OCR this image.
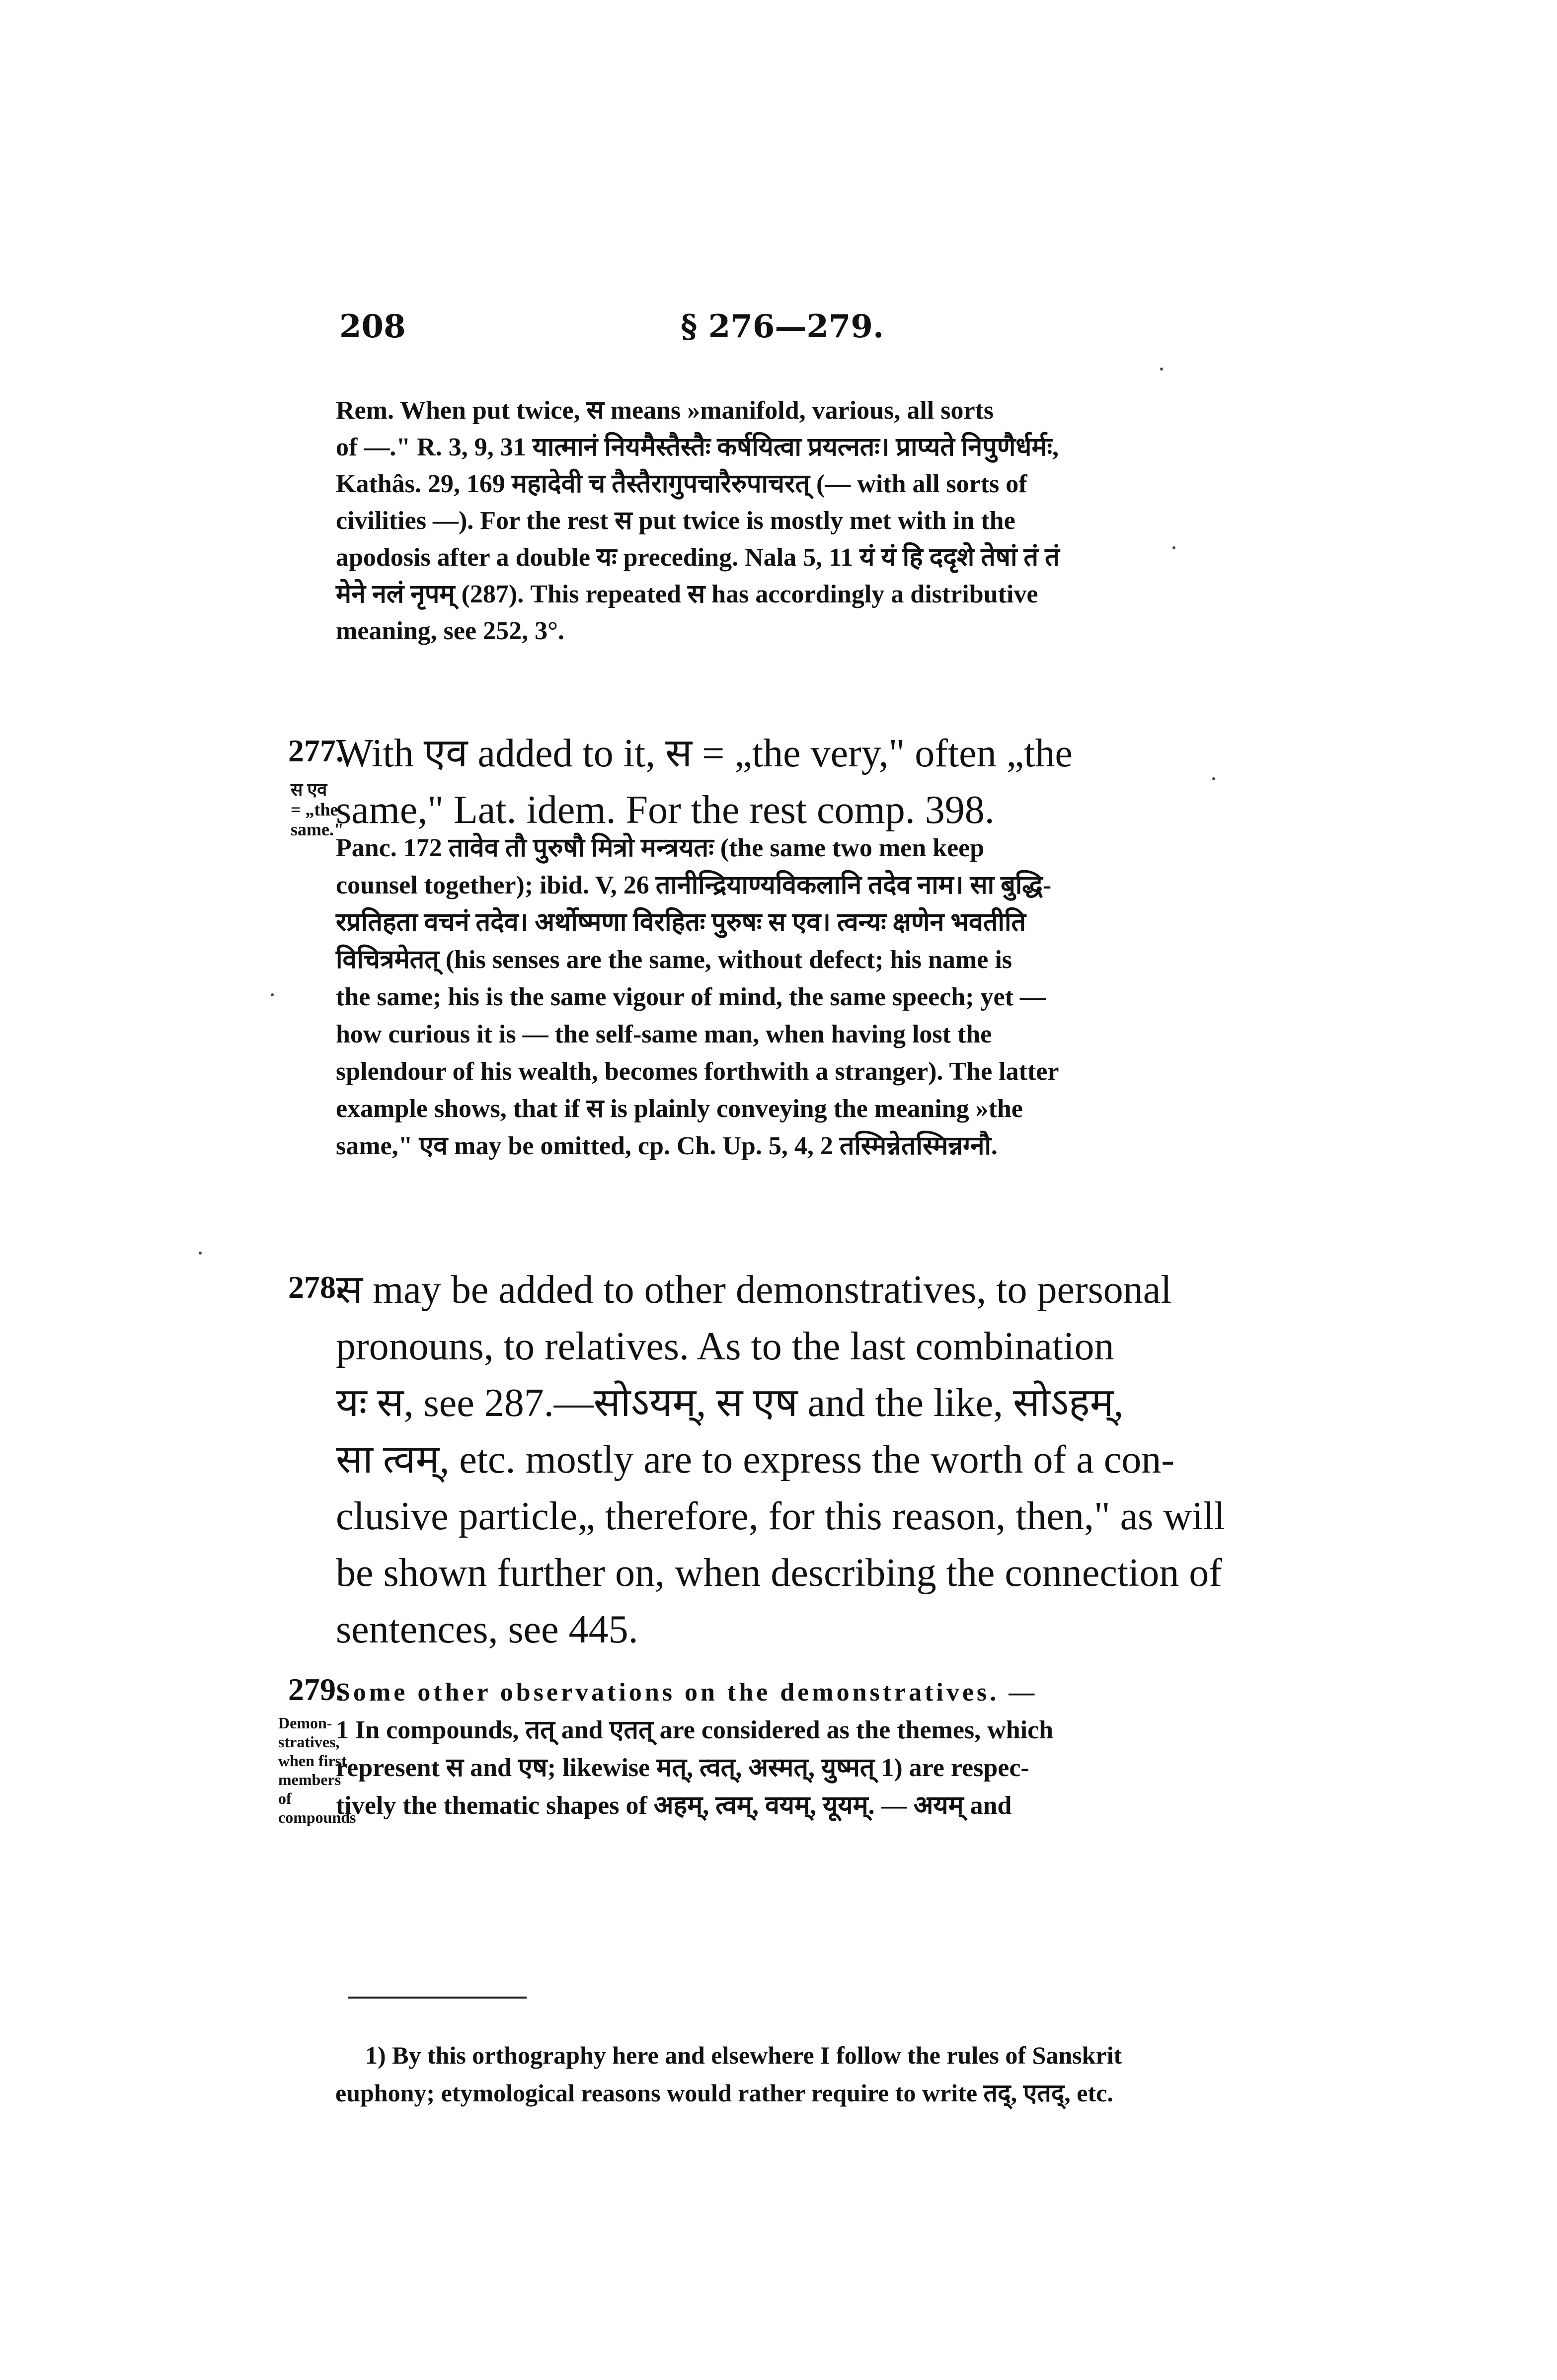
208	§ 276—279.
Rem. When put twice, स means »manifold, various, all sorts
of —." R. 3, 9, 31 यात्मानं नियमैस्तैस्तैः कर्षयित्वा प्रयत्नतः। प्राप्यते निपुणैर्धर्मः,
Kathâs. 29, 169 महादेवी च तैस्तैरागुपचारैरुपाचरत् (— with all sorts of
civilities —). For the rest स put twice is mostly met with in the
apodosis after a double यः preceding. Nala 5, 11 यं यं हि ददृशे तेषां तं तं
मेने नलं नृपम् (287). This repeated स has accordingly a distributive
meaning, see 252, 3°.
277.
स एव
= „the
same."
With एव added to it, स = „the very," often „the
same," Lat. idem. For the rest comp. 398.
Panc. 172 तावेव तौ पुरुषौ मित्रो मन्त्रयतः (the same two men keep
counsel together); ibid. V, 26 तानीन्द्रियाण्यविकलानि तदेव नाम। सा बुद्धि-
रप्रतिहता वचनं तदेव। अर्थोष्मणा विरहितः पुरुषः स एव। त्वन्यः क्षणेन भवतीति
विचित्रमेतत् (his senses are the same, without defect; his name is
the same; his is the same vigour of mind, the same speech; yet —
how curious it is — the self-same man, when having lost the
splendour of his wealth, becomes forthwith a stranger). The latter
example shows, that if स is plainly conveying the meaning »the
same," एव may be omitted, cp. Ch. Up. 5, 4, 2 तस्मिन्नेतस्मिन्नग्नौ.
278.
स may be added to other demonstratives, to personal
pronouns, to relatives. As to the last combination
यः स, see 287.—सोऽयम्, स एष and the like, सोऽहम्,
सा त्वम्, etc. mostly are to express the worth of a con-
clusive particle„ therefore, for this reason, then," as will
be shown further on, when describing the connection of
sentences, see 445.
279.
Demon-
stratives,
when first
members of
compounds
Some other observations on the demonstratives. —
1 In compounds, तत् and एतत् are considered as the themes, which
represent स and एष; likewise मत्, त्वत्, अस्मत्, युष्मत् 1) are respec-
tively the thematic shapes of अहम्, त्वम्, वयम्, यूयम्. — अयम् and
1) By this orthography here and elsewhere I follow the rules of Sanskrit
euphony; etymological reasons would rather require to write तद्, एतद्, etc.
